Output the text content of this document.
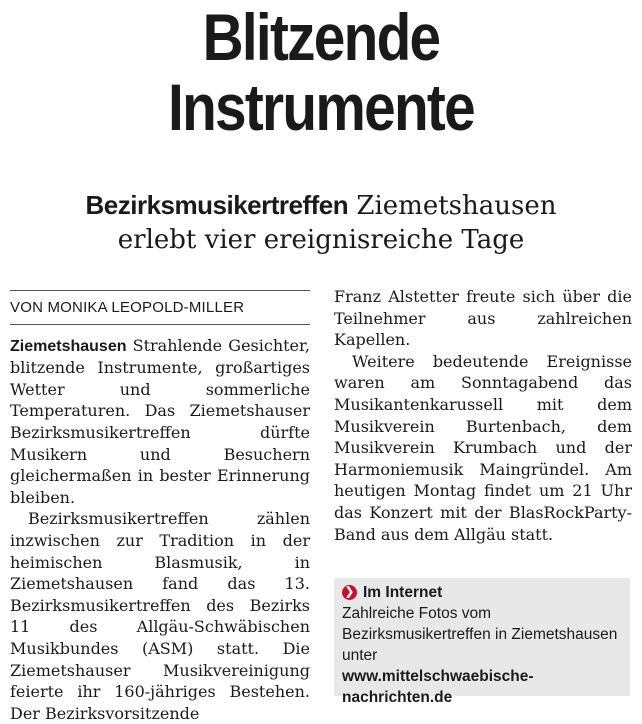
Blitzende
Instrumente
Bezirksmusikertreffen Ziemetshausen
erlebt vier ereignisreiche Tage
VON MONIKA LEOPOLD-MILLER

Ziemetshausen Strahlende Gesichter, blitzende Instrumente, großartiges Wetter und sommerliche Temperaturen. Das Ziemetshauser Bezirksmusikertreffen dürfte Musikern und Besuchern gleichermaßen in bester Erinnerung bleiben.

Bezirksmusikertreffen zählen inzwischen zur Tradition in der heimischen Blasmusik, in Ziemetshausen fand das 13. Bezirksmusikertreffen des Bezirks 11 des Allgäu-Schwäbischen Musikbundes (ASM) statt. Die Ziemetshauser Musikvereinigung feierte ihr 160-jähriges Bestehen. Der Bezirksvorsitzende

Franz Alstetter freute sich über die Teilnehmer aus zahlreichen Kapellen.

Weitere bedeutende Ereignisse waren am Sonntagabend das Musikantenkarussell mit dem Musikverein Burtenbach, dem Musikverein Krumbach und der Harmoniemusik Maingründel. Am heutigen Montag findet um 21 Uhr das Konzert mit der BlasRockParty-Band aus dem Allgäu statt.

❯ Im Internet
Zahlreiche Fotos vom Bezirksmusikertreffen in Ziemetshausen unter
www.mittelschwaebische-nachrichten.de
